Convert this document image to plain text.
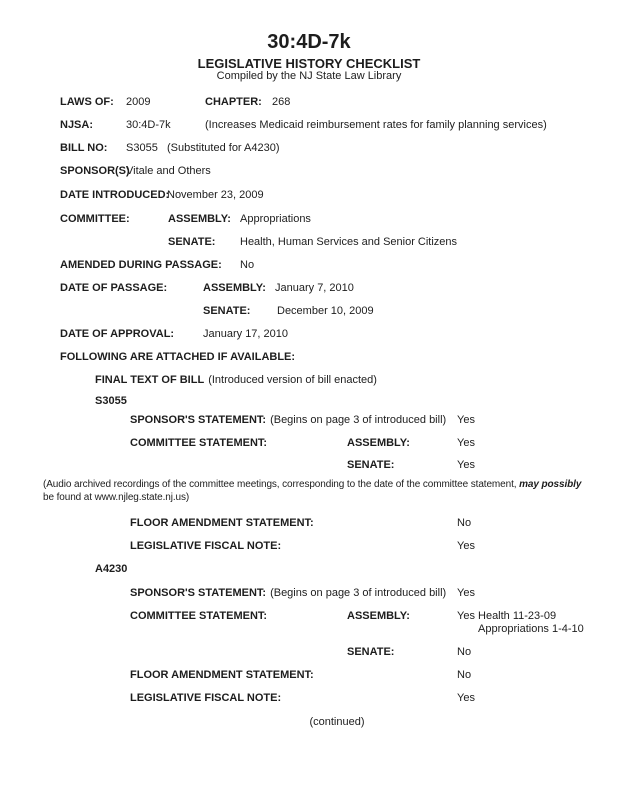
30:4D-7k
LEGISLATIVE HISTORY CHECKLIST
Compiled by the NJ State Law Library
LAWS OF: 2009	CHAPTER: 268
NJSA:	30:4D-7k	(Increases Medicaid reimbursement rates for family planning services)
BILL NO: S3055 (Substituted for A4230)
SPONSOR(S)
Vitale and Others
DATE INTRODUCED:
November 23, 2009
COMMITTEE:	ASSEMBLY: Appropriations
SENATE: Health, Human Services and Senior Citizens
AMENDED DURING PASSAGE: No
DATE OF PASSAGE:	ASSEMBLY: January 7, 2010
SENATE: December 10, 2009
DATE OF APPROVAL:	January 17, 2010
FOLLOWING ARE ATTACHED IF AVAILABLE:
FINAL TEXT OF BILL (Introduced version of bill enacted)
S3055
SPONSOR'S STATEMENT: (Begins on page 3 of introduced bill) Yes
COMMITTEE STATEMENT:	ASSEMBLY:	Yes
SENATE:	Yes
(Audio archived recordings of the committee meetings, corresponding to the date of the committee statement, may possibly
be found at www.njleg.state.nj.us)
FLOOR AMENDMENT STATEMENT:	No
LEGISLATIVE FISCAL NOTE:	Yes
A4230
SPONSOR'S STATEMENT: (Begins on page 3 of introduced bill) Yes
COMMITTEE STATEMENT:	ASSEMBLY:	Yes Health 11-23-09
Appropriations 1-4-10
SENATE:	No
FLOOR AMENDMENT STATEMENT:	No
LEGISLATIVE FISCAL NOTE:	Yes
(continued)
